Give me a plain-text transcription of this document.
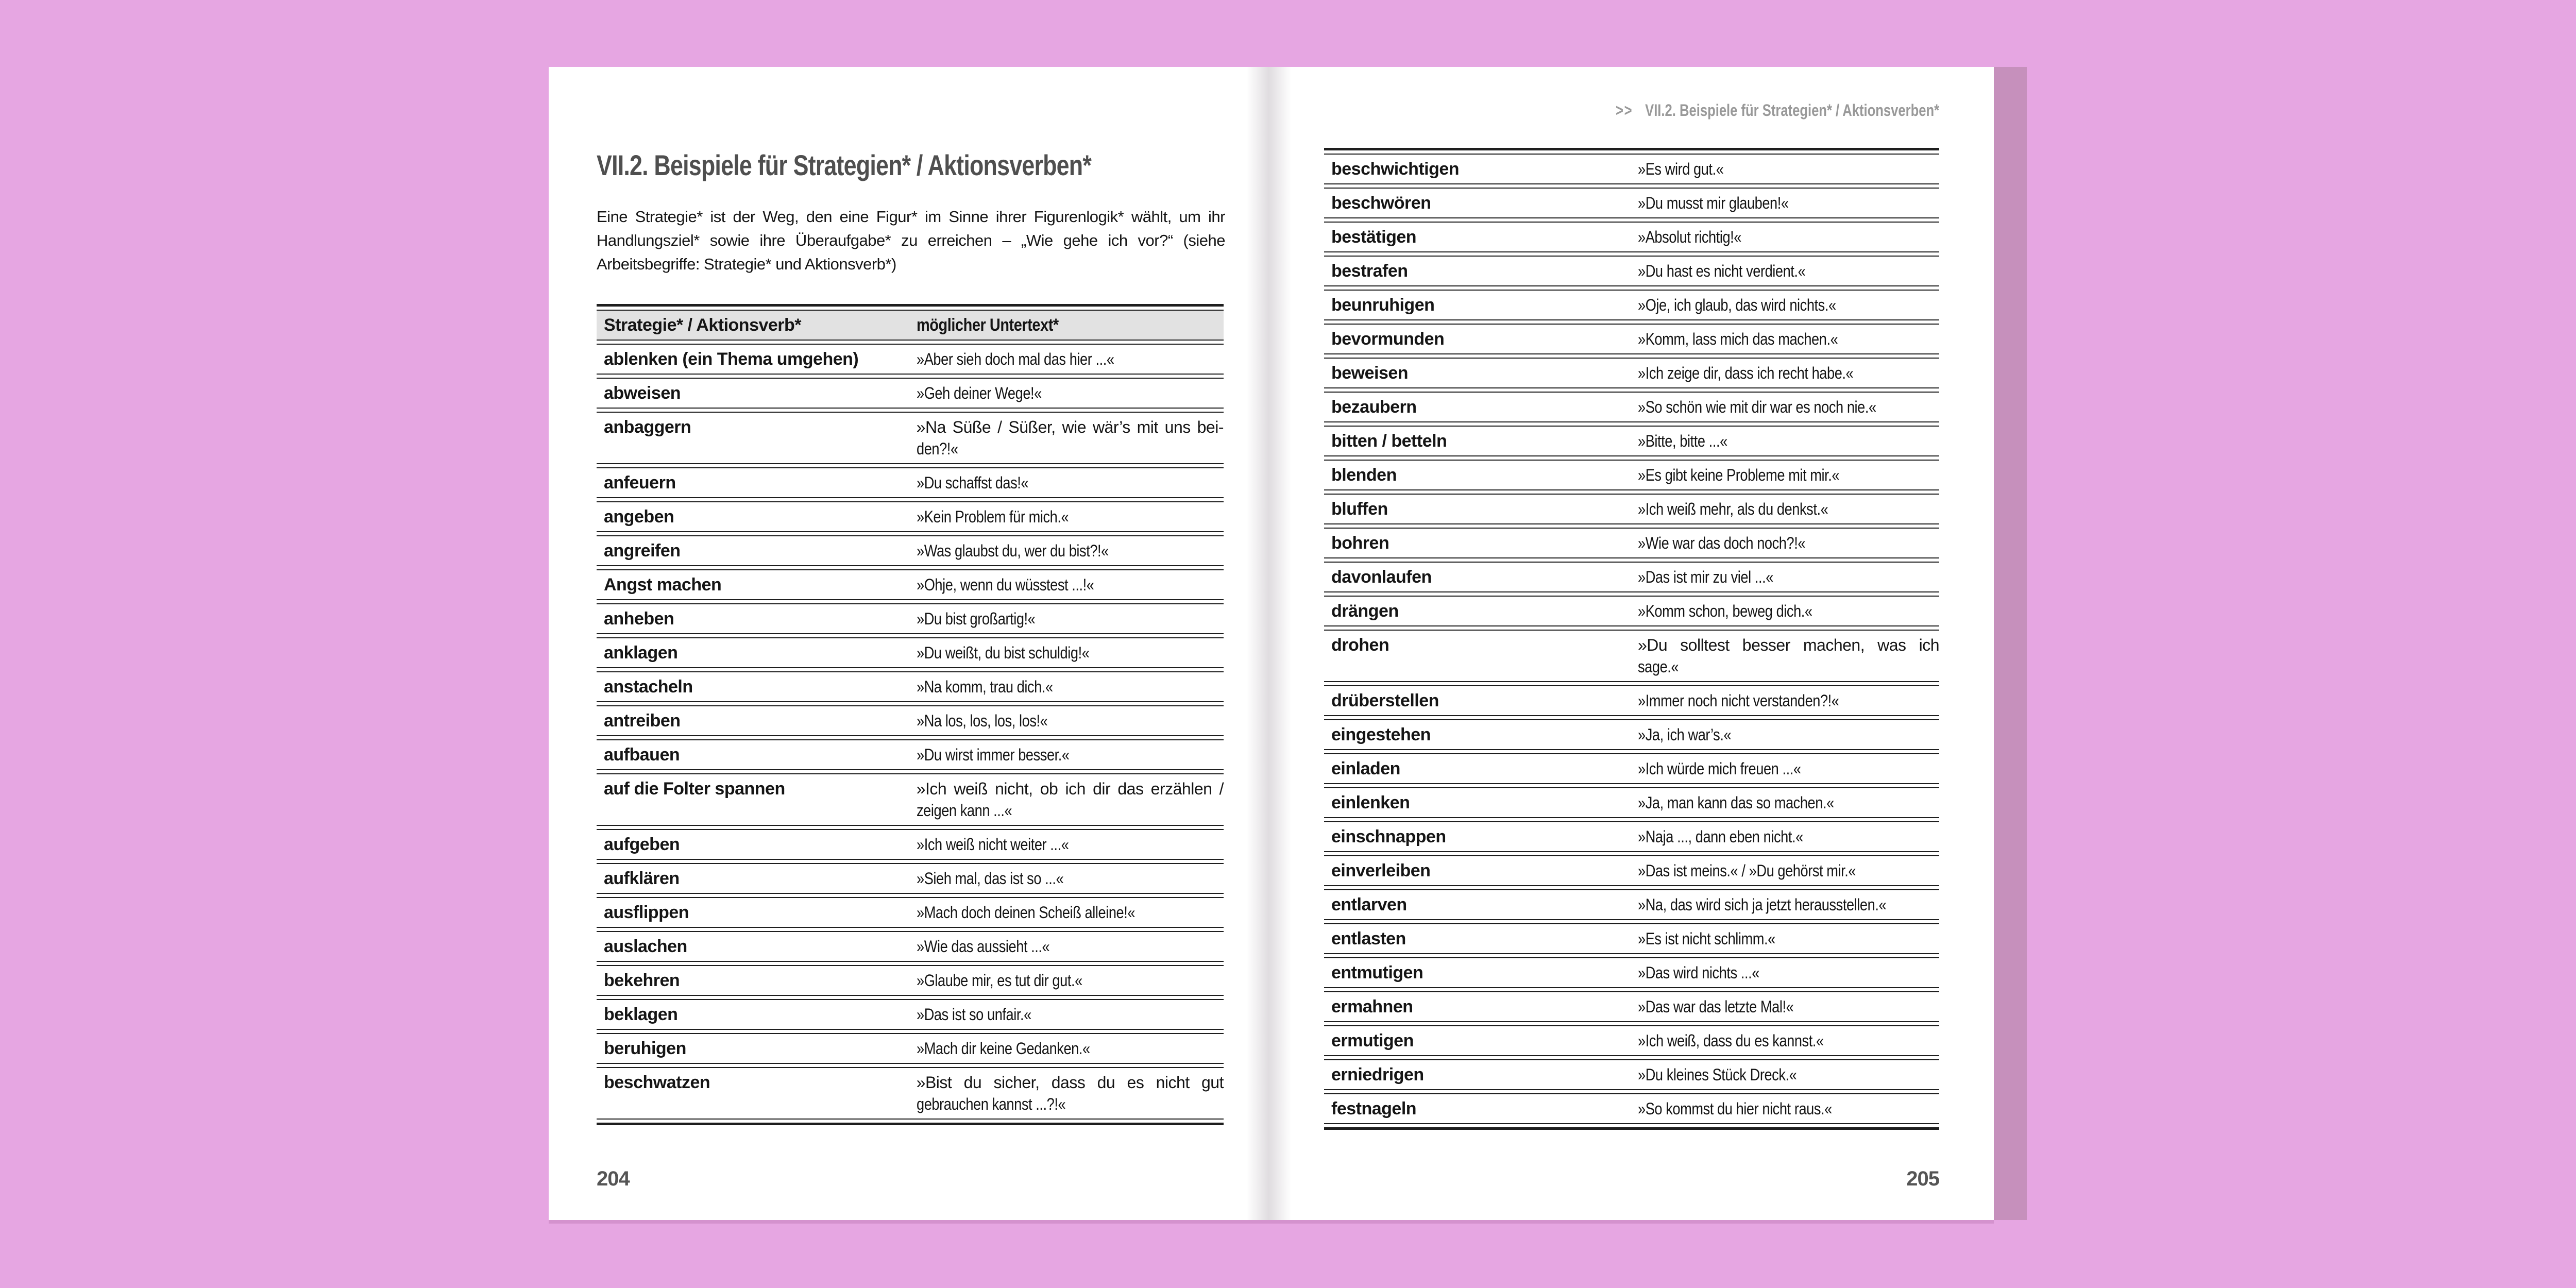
>> VII.2. Beispiele für Strategien* / Aktionsverben*
VII.2. Beispiele für Strategien* / Aktionsverben*
Eine Strategie* ist der Weg, den eine Figur* im Sinne ihrer Figurenlogik* wählt, um ihr Handlungsziel* sowie ihre Überaufgabe* zu erreichen – „Wie gehe ich vor?“ (siehe Arbeitsbegriffe: Strategie* und Aktionsverb*)
Strategie* / Aktionsverb*	möglicher Untertext*
ablenken (ein Thema umgehen)	»Aber sieh doch mal das hier ...«
abweisen	»Geh deiner Wege!«
anbaggern	»Na Süße / Süßer, wie wär’s mit uns bei-
den?!«
anfeuern	»Du schaffst das!«
angeben	»Kein Problem für mich.«
angreifen	»Was glaubst du, wer du bist?!«
Angst machen	»Ohje, wenn du wüsstest ...!«
anheben	»Du bist großartig!«
anklagen	»Du weißt, du bist schuldig!«
anstacheln	»Na komm, trau dich.«
antreiben	»Na los, los, los, los!«
aufbauen	»Du wirst immer besser.«
auf die Folter spannen	»Ich weiß nicht, ob ich dir das erzählen /
zeigen kann ...«
aufgeben	»Ich weiß nicht weiter ...«
aufklären	»Sieh mal, das ist so ...«
ausflippen	»Mach doch deinen Scheiß alleine!«
auslachen	»Wie das aussieht ...«
bekehren	»Glaube mir, es tut dir gut.«
beklagen	»Das ist so unfair.«
beruhigen	»Mach dir keine Gedanken.«
beschwatzen	»Bist du sicher, dass du es nicht gut
gebrauchen kannst ...?!«
beschwichtigen	»Es wird gut.«
beschwören	»Du musst mir glauben!«
bestätigen	»Absolut richtig!«
bestrafen	»Du hast es nicht verdient.«
beunruhigen	»Oje, ich glaub, das wird nichts.«
bevormunden	»Komm, lass mich das machen.«
beweisen	»Ich zeige dir, dass ich recht habe.«
bezaubern	»So schön wie mit dir war es noch nie.«
bitten / betteln	»Bitte, bitte ...«
blenden	»Es gibt keine Probleme mit mir.«
bluffen	»Ich weiß mehr, als du denkst.«
bohren	»Wie war das doch noch?!«
davonlaufen	»Das ist mir zu viel ...«
drängen	»Komm schon, beweg dich.«
drohen	»Du solltest besser machen, was ich
sage.«
drüberstellen	»Immer noch nicht verstanden?!«
eingestehen	»Ja, ich war’s.«
einladen	»Ich würde mich freuen ...«
einlenken	»Ja, man kann das so machen.«
einschnappen	»Naja ..., dann eben nicht.«
einverleiben	»Das ist meins.« / »Du gehörst mir.«
entlarven	»Na, das wird sich ja jetzt herausstellen.«
entlasten	»Es ist nicht schlimm.«
entmutigen	»Das wird nichts ...«
ermahnen	»Das war das letzte Mal!«
ermutigen	»Ich weiß, dass du es kannst.«
erniedrigen	»Du kleines Stück Dreck.«
festnageln	»So kommst du hier nicht raus.«
204	205
